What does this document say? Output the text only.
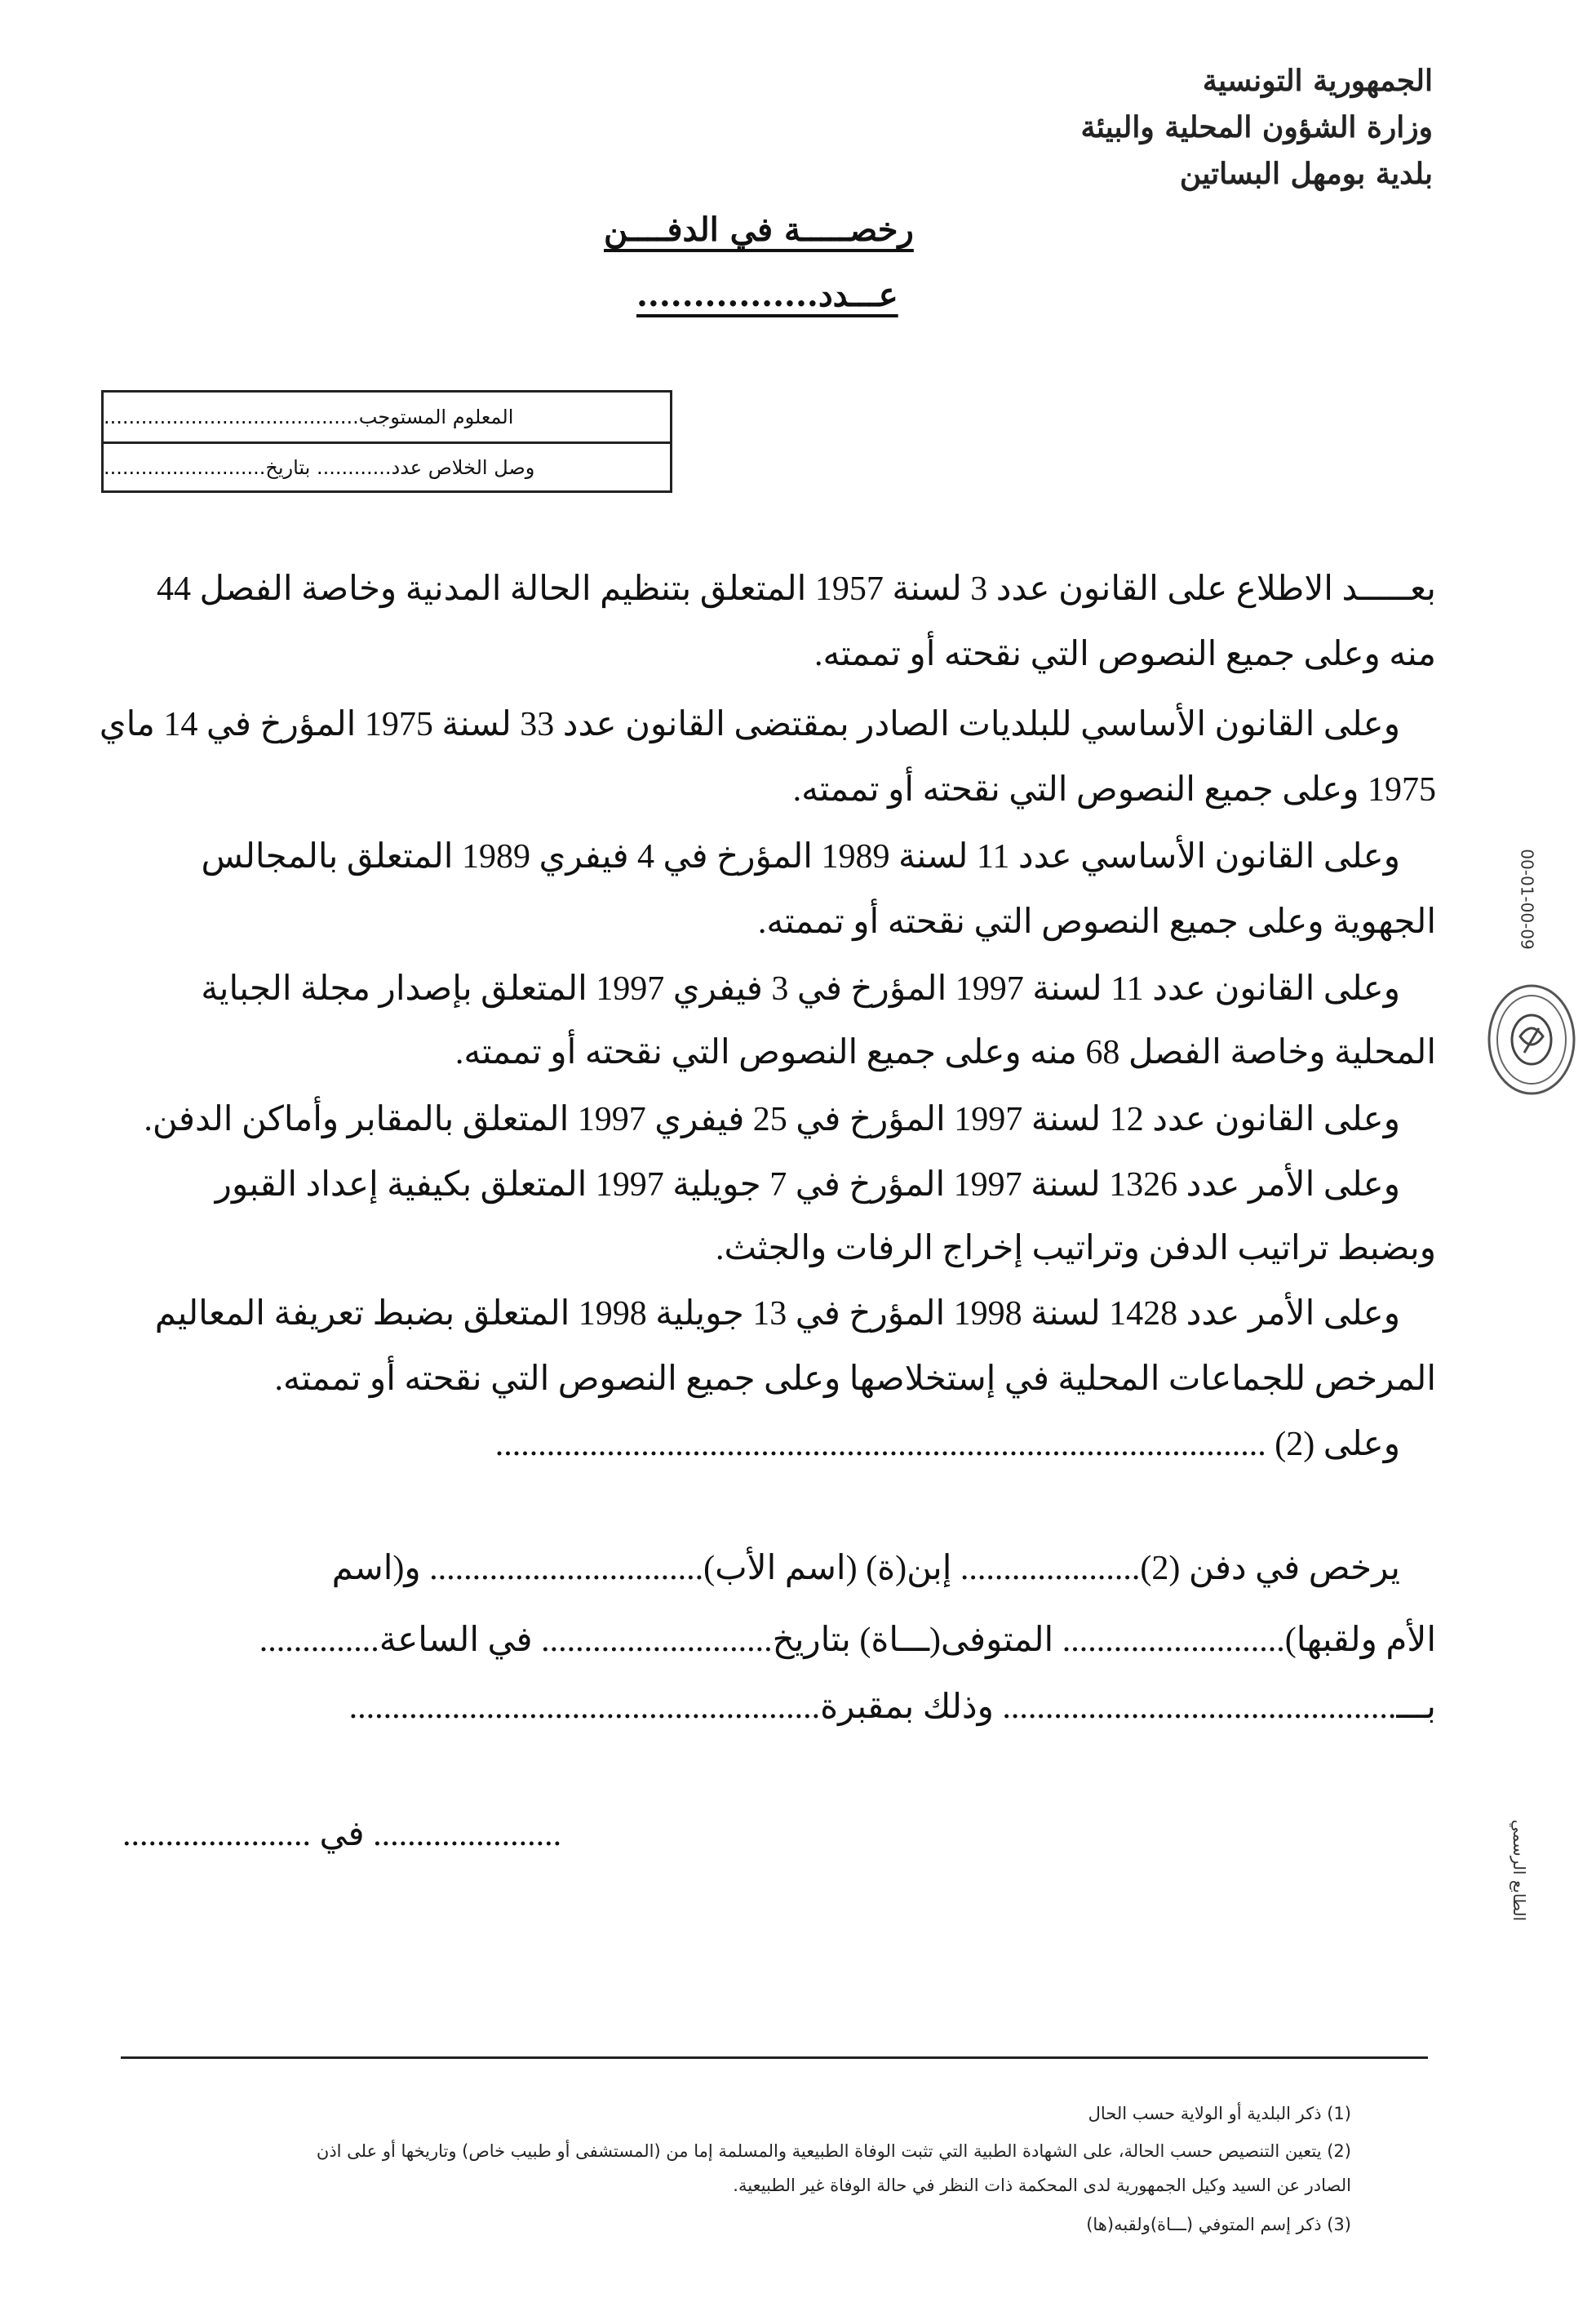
الجمهورية التونسية
وزارة الشؤون المحلية والبيئة
بلدية بومهل البساتين
رخصـــــة في الدفــــن
عـــدد................
المعلوم المستوجب.........................................
وصل الخلاص عدد............ بتاريخ..........................
بعـــــد الاطلاع على القانون عدد 3 لسنة 1957 المتعلق بتنظيم الحالة المدنية وخاصة الفصل 44
منه وعلى جميع النصوص التي نقحته أو تممته.
وعلى القانون الأساسي للبلديات الصادر بمقتضى القانون عدد 33 لسنة 1975 المؤرخ في 14 ماي
1975 وعلى جميع النصوص التي نقحته أو تممته.
وعلى القانون الأساسي عدد 11 لسنة 1989 المؤرخ في 4 فيفري 1989 المتعلق بالمجالس
الجهوية وعلى جميع النصوص التي نقحته أو تممته.
وعلى القانون عدد 11 لسنة 1997 المؤرخ في 3 فيفري 1997 المتعلق بإصدار مجلة الجباية
المحلية وخاصة الفصل 68 منه وعلى جميع النصوص التي نقحته أو تممته.
وعلى القانون عدد 12 لسنة 1997 المؤرخ في 25 فيفري 1997 المتعلق بالمقابر وأماكن الدفن.
وعلى الأمر عدد 1326 لسنة 1997 المؤرخ في 7 جويلية 1997 المتعلق بكيفية إعداد القبور
وبضبط تراتيب الدفن وتراتيب إخراج الرفات والجثث.
وعلى الأمر عدد 1428 لسنة 1998 المؤرخ في 13 جويلية 1998 المتعلق بضبط تعريفة المعاليم
المرخص للجماعات المحلية في إستخلاصها وعلى جميع النصوص التي نقحته أو تممته.
وعلى (2) ..........................................................................................
يرخص في دفن (2)..................... إبن(ة) (اسم الأب)................................ و(اسم
الأم ولقبها).......................... المتوفى(ـــاة) بتاريخ........................... في الساعة..............
بـــ.............................................. وذلك بمقبرة.......................................................
...................... في ......................
(1) ذكر البلدية أو الولاية حسب الحال
(2) يتعين التنصيص حسب الحالة، على الشهادة الطبية التي تثبت الوفاة الطبيعية والمسلمة إما من (المستشفى أو طبيب خاص) وتاريخها أو على اذن
الصادر عن السيد وكيل الجمهورية لدى المحكمة ذات النظر في حالة الوفاة غير الطبيعية.
(3) ذكر إسم المتوفي (ـــاة)ولقبه(ها)
00-01-00-09
الطابع الرسمي
